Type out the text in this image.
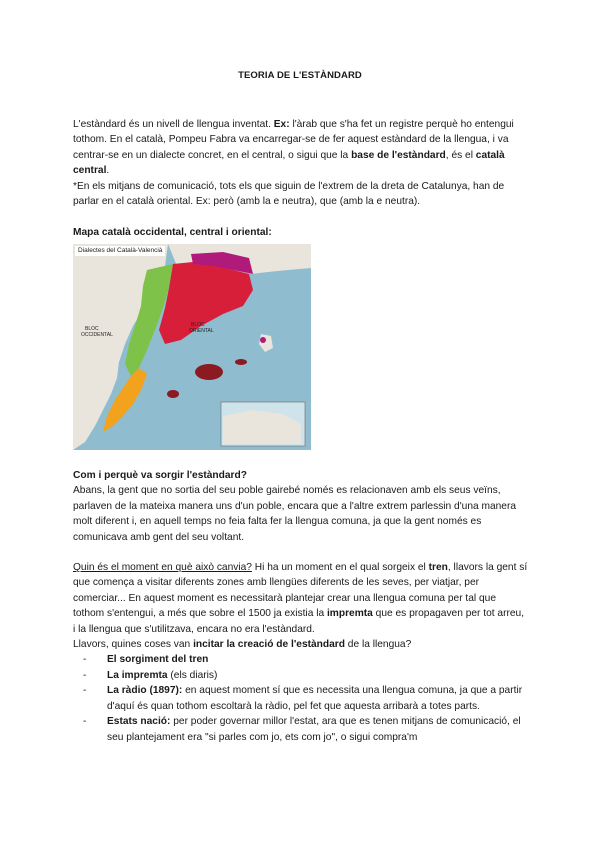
TEORIA DE L'ESTÀNDARD

L'estàndard és un nivell de llengua inventat. Ex: l'àrab que s'ha fet un registre perquè ho entengui tothom. En el català, Pompeu Fabra va encarregar-se de fer aquest estàndard de la llengua, i va centrar-se en un dialecte concret, en el central, o sigui que la base de l'estàndard, és el català central.

*En els mitjans de comunicació, tots els que siguin de l'extrem de la dreta de Catalunya, han de parlar en el català oriental. Ex: però (amb la e neutra), que (amb la e neutra).

Mapa català occidental, central i oriental:
BLOC
OCCIDENTAL
BLOC
ORIENTAL
Dialectes del Català-Valencià

Com i perquè va sorgir l'estàndard?

Abans, la gent que no sortia del seu poble gairebé només es relacionaven amb els seus veïns, parlaven de la mateixa manera uns d'un poble, encara que a l'altre extrem parlessin d'una manera molt diferent i, en aquell temps no feia falta fer la llengua comuna, ja que la gent només es comunicava amb gent del seu voltant.

Quin és el moment en què això canvia? Hi ha un moment en el qual sorgeix el tren, llavors la gent sí que comença a visitar diferents zones amb llengües diferents de les seves, per viatjar, per comerciar... En aquest moment es necessitarà plantejar crear una llengua comuna per tal que tothom s'entengui, a més que sobre el 1500 ja existia la impremta que es propagaven per tot arreu, i la llengua que s'utilitzava, encara no era l'estàndard.

Llavors, quines coses van incitar la creació de l'estàndard de la llengua?

- El sorgiment del tren
- La impremta (els diaris)
- La ràdio (1897): en aquest moment sí que es necessita una llengua comuna, ja que a partir d'aquí és quan tothom escoltarà la ràdio, pel fet que aquesta arribarà a totes parts.
- Estats nació: per poder governar millor l'estat, ara que es tenen mitjans de comunicació, el seu plantejament era "si parles com jo, ets com jo", o sigui compra'm
